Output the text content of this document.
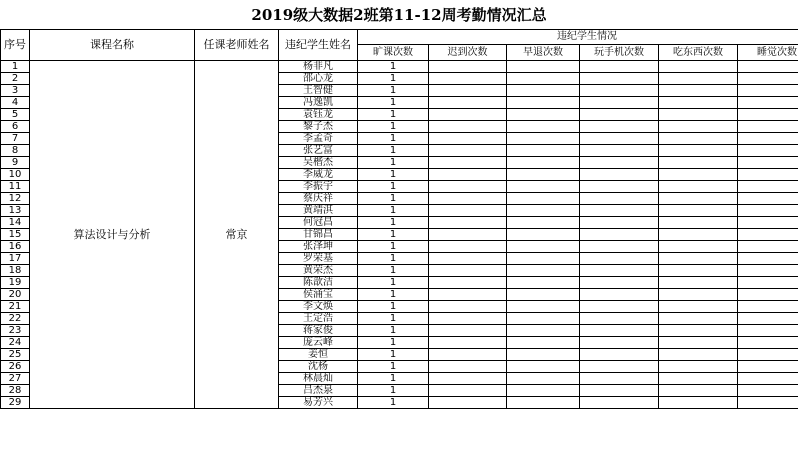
2019级大数据2班第11-12周考勤情况汇总
序号	课程名称	任课老师姓名	违纪学生姓名	违纪学生情况					
				旷课次数	迟到次数	早退次数	玩手机次数	吃东西次数	睡觉次数
1	算法设计与分析	常京	杨非凡	1					
2			邵心龙	1					
3			王智健	1					
4			冯逸凯	1					
5			袁钰龙	1					
6			黎子杰	1					
7			李孟奇	1					
8			张艺富	1					
9			吴楷杰	1					
10			李威龙	1					
11			李振宇	1					
12			蔡庆祥	1					
13			黄靖淇	1					
14			何冠昌	1					
15			甘锦昌	1					
16			张泽坤	1					
17			罗荣基	1					
18			黄荣杰	1					
19			陈歆洁	1					
20			侯涌宝	1					
21			李文焕	1					
22			王定浩	1					
23			蒋家俊	1					
24			庞云峰	1					
25			姜恒	1					
26			沈杨	1					
27			林晨灿	1					
28			吕杰泉	1					
29			易芳兴	1					
